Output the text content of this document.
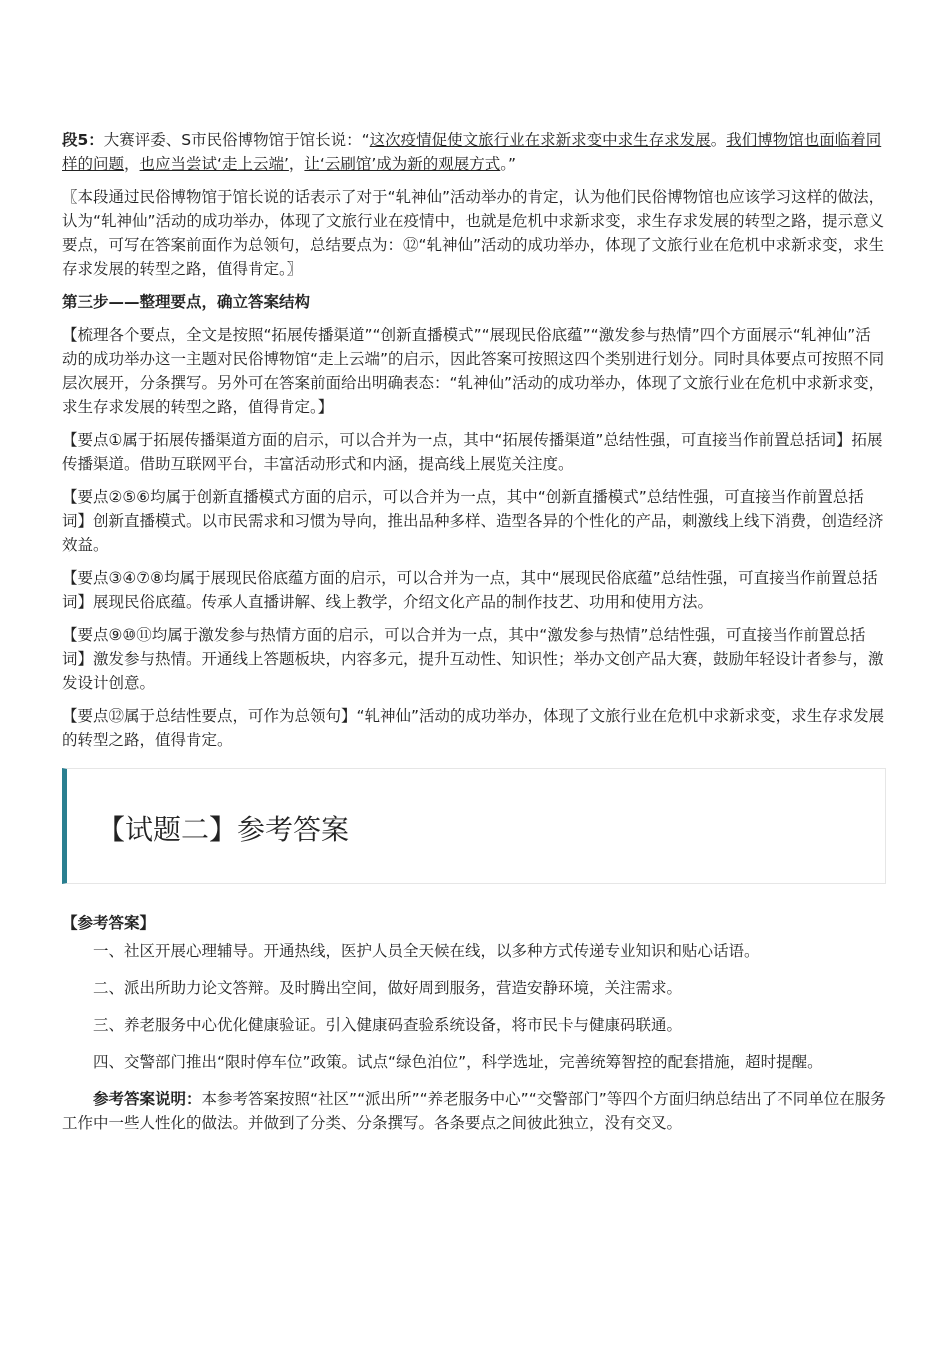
段5：大赛评委、S市民俗博物馆于馆长说：“这次疫情促使文旅行业在求新求变中求生存求发展。我们博物馆也面临着同样的问题，也应当尝试‘走上云端’，让‘云刷馆’成为新的观展方式。”

〖本段通过民俗博物馆于馆长说的话表示了对于“轧神仙”活动举办的肯定，认为他们民俗博物馆也应该学习这样的做法，认为“轧神仙”活动的成功举办，体现了文旅行业在疫情中，也就是危机中求新求变，求生存求发展的转型之路，提示意义要点，可写在答案前面作为总领句，总结要点为：⑫“轧神仙”活动的成功举办，体现了文旅行业在危机中求新求变，求生存求发展的转型之路，值得肯定。〗

第三步——整理要点，确立答案结构

【梳理各个要点，全文是按照“拓展传播渠道”“创新直播模式”“展现民俗底蕴”“激发参与热情”四个方面展示“轧神仙”活动的成功举办这一主题对民俗博物馆“走上云端”的启示，因此答案可按照这四个类别进行划分。同时具体要点可按照不同层次展开，分条撰写。另外可在答案前面给出明确表态：“轧神仙”活动的成功举办，体现了文旅行业在危机中求新求变，求生存求发展的转型之路，值得肯定。】

【要点①属于拓展传播渠道方面的启示，可以合并为一点，其中“拓展传播渠道”总结性强，可直接当作前置总括词】拓展传播渠道。借助互联网平台，丰富活动形式和内涵，提高线上展览关注度。

【要点②⑤⑥均属于创新直播模式方面的启示，可以合并为一点，其中“创新直播模式”总结性强，可直接当作前置总括词】创新直播模式。以市民需求和习惯为导向，推出品种多样、造型各异的个性化的产品，刺激线上线下消费，创造经济效益。

【要点③④⑦⑧均属于展现民俗底蕴方面的启示，可以合并为一点，其中“展现民俗底蕴”总结性强，可直接当作前置总括词】展现民俗底蕴。传承人直播讲解、线上教学，介绍文化产品的制作技艺、功用和使用方法。

【要点⑨⑩⑪均属于激发参与热情方面的启示，可以合并为一点，其中“激发参与热情”总结性强，可直接当作前置总括词】激发参与热情。开通线上答题板块，内容多元，提升互动性、知识性；举办文创产品大赛，鼓励年轻设计者参与，激发设计创意。

【要点⑫属于总结性要点，可作为总领句】“轧神仙”活动的成功举办，体现了文旅行业在危机中求新求变，求生存求发展的转型之路，值得肯定。

【试题二】参考答案

【参考答案】

一、社区开展心理辅导。开通热线，医护人员全天候在线，以多种方式传递专业知识和贴心话语。

二、派出所助力论文答辩。及时腾出空间，做好周到服务，营造安静环境，关注需求。

三、养老服务中心优化健康验证。引入健康码查验系统设备，将市民卡与健康码联通。

四、交警部门推出“限时停车位”政策。试点“绿色泊位”，科学选址，完善统筹智控的配套措施，超时提醒。

参考答案说明：本参考答案按照“社区”“派出所”“养老服务中心”“交警部门”等四个方面归纳总结出了不同单位在服务工作中一些人性化的做法。并做到了分类、分条撰写。各条要点之间彼此独立，没有交叉。
